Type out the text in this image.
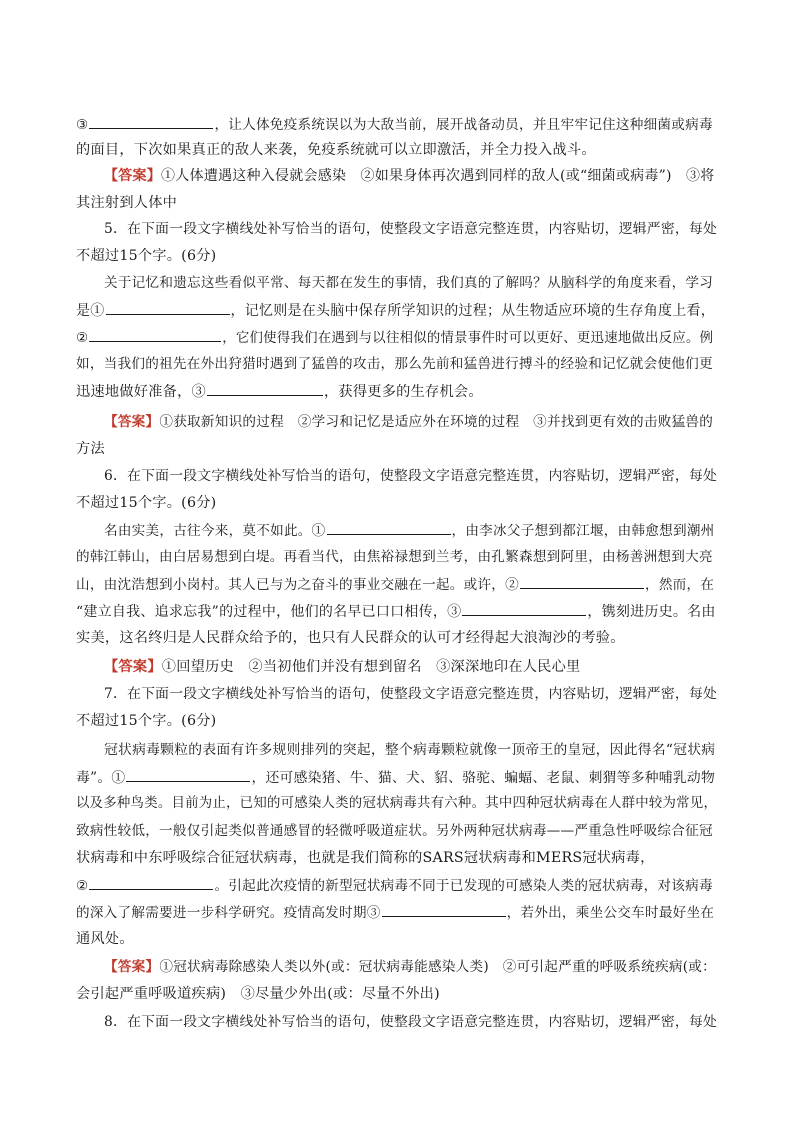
③	，让人体免疫系统误以为大敌当前，展开战备动员，并且牢牢记住这种细菌或病毒
的面目，下次如果真正的敌人来袭，免疫系统就可以立即激活，并全力投入战斗。
【答案】①人体遭遇这种入侵就会感染　②如果身体再次遇到同样的敌人(或“细菌或病毒”)　③将
其注射到人体中
5．在下面一段文字横线处补写恰当的语句，使整段文字语意完整连贯，内容贴切，逻辑严密，每处
不超过15个字。(6分)
关于记忆和遗忘这些看似平常、每天都在发生的事情，我们真的了解吗？从脑科学的角度来看，学习
是①	，记忆则是在头脑中保存所学知识的过程；从生物适应环境的生存角度上看，
②	，它们使得我们在遇到与以往相似的情景事件时可以更好、更迅速地做出反应。例
如，当我们的祖先在外出狩猎时遇到了猛兽的攻击，那么先前和猛兽进行搏斗的经验和记忆就会使他们更
迅速地做好准备，③	，获得更多的生存机会。
【答案】①获取新知识的过程　②学习和记忆是适应外在环境的过程　③并找到更有效的击败猛兽的
方法
6．在下面一段文字横线处补写恰当的语句，使整段文字语意完整连贯，内容贴切，逻辑严密，每处
不超过15个字。(6分)
名由实美，古往今来，莫不如此。①	，由李冰父子想到都江堰，由韩愈想到潮州
的韩江韩山，由白居易想到白堤。再看当代，由焦裕禄想到兰考，由孔繁森想到阿里，由杨善洲想到大亮
山，由沈浩想到小岗村。其人已与为之奋斗的事业交融在一起。或许，②	，然而，在
“建立自我、追求忘我”的过程中，他们的名早已口口相传，③	，镌刻进历史。名由
实美，这名终归是人民群众给予的，也只有人民群众的认可才经得起大浪淘沙的考验。
【答案】①回望历史　②当初他们并没有想到留名　③深深地印在人民心里
7．在下面一段文字横线处补写恰当的语句，使整段文字语意完整连贯，内容贴切，逻辑严密，每处
不超过15个字。(6分)
冠状病毒颗粒的表面有许多规则排列的突起，整个病毒颗粒就像一顶帝王的皇冠，因此得名“冠状病
毒”。①	，还可感染猪、牛、猫、犬、貂、骆驼、蝙蝠、老鼠、刺猬等多种哺乳动物
以及多种鸟类。目前为止，已知的可感染人类的冠状病毒共有六种。其中四种冠状病毒在人群中较为常见，
致病性较低，一般仅引起类似普通感冒的轻微呼吸道症状。另外两种冠状病毒——严重急性呼吸综合征冠
状病毒和中东呼吸综合征冠状病毒，也就是我们简称的SARS冠状病毒和MERS冠状病毒，
②	。引起此次疫情的新型冠状病毒不同于已发现的可感染人类的冠状病毒，对该病毒
的深入了解需要进一步科学研究。疫情高发时期③	，若外出，乘坐公交车时最好坐在
通风处。
【答案】①冠状病毒除感染人类以外(或：冠状病毒能感染人类)　②可引起严重的呼吸系统疾病(或：
会引起严重呼吸道疾病)　③尽量少外出(或：尽量不外出)
8．在下面一段文字横线处补写恰当的语句，使整段文字语意完整连贯，内容贴切，逻辑严密，每处
